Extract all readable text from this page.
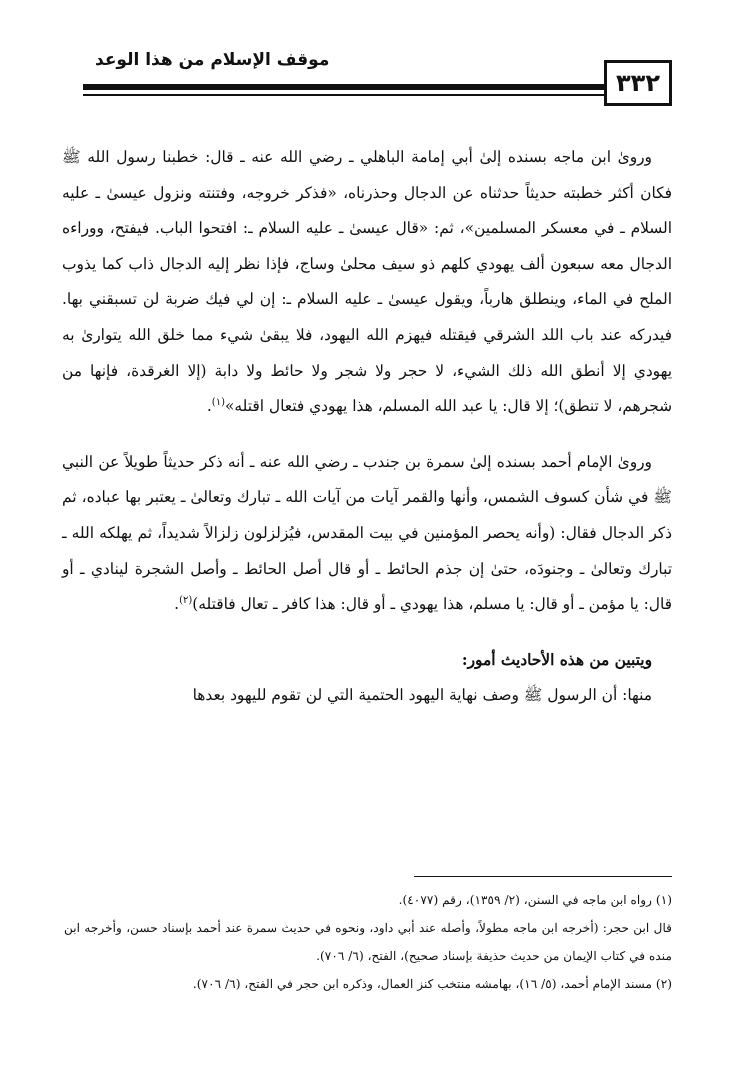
موقف الإسلام من هذا الوعد
٣٣٢

وروىٰ ابن ماجه بسنده إلىٰ أبي إمامة الباهلي ـ رضي الله عنه ـ قال: خطبنا رسول الله ﷺ فكان أكثر خطبته حديثاً حدثناه عن الدجال وحذرناه، «فذكر خروجه، وفتنته ونزول عيسىٰ ـ عليه السلام ـ في معسكر المسلمين»، ثم: «قال عيسىٰ ـ عليه السلام ـ: افتحوا الباب. فيفتح، ووراءه الدجال معه سبعون ألف يهودي كلهم ذو سيف محلىٰ وساج، فإذا نظر إليه الدجال ذاب كما يذوب الملح في الماء، وينطلق هارباً، ويقول عيسىٰ ـ عليه السلام ـ: إن لي فيك ضربة لن تسبقني بها. فيدركه عند باب اللد الشرقي فيقتله فيهزم الله اليهود، فلا يبقىٰ شيء مما خلق الله يتوارىٰ به يهودي إلا أنطق الله ذلك الشيء، لا حجر ولا شجر ولا حائط ولا دابة (إلا الغرقدة، فإنها من شجرهم، لا تنطق)؛ إلا قال: يا عبد الله المسلم، هذا يهودي فتعال اقتله»$^{(١)}$.

وروىٰ الإمام أحمد بسنده إلىٰ سمرة بن جندب ـ رضي الله عنه ـ أنه ذكر حديثاً طويلاً عن النبي ﷺ في شأن كسوف الشمس، وأنها والقمر آيات من آيات الله ـ تبارك وتعالىٰ ـ يعتبر بها عباده، ثم ذكر الدجال فقال: (وأنه يحصر المؤمنين في بيت المقدس، فيُزلزلون زلزالاً شديداً، ثم يهلكه الله ـ تبارك وتعالىٰ ـ وجنودَه، حتىٰ إن جذم الحائط ـ أو قال أصل الحائط ـ وأصل الشجرة لينادي ـ أو قال: يا مؤمن ـ أو قال: يا مسلم، هذا يهودي ـ أو قال: هذا كافر ـ تعال فاقتله)$^{(٢)}$.

ويتبين من هذه الأحاديث أمور:

منها: أن الرسول ﷺ وصف نهاية اليهود الحتمية التي لن تقوم لليهود بعدها

(١) رواه ابن ماجه في السنن، (٢/ ١٣٥٩)، رقم (٤٠٧٧).

قال ابن حجر: (أخرجه ابن ماجه مطولاً، وأصله عند أبي داود، ونحوه في حديث سمرة عند أحمد بإسناد حسن، وأخرجه ابن منده في كتاب الإيمان من حديث حذيفة بإسناد صحيح)، الفتح، (٦/ ٧٠٦).

(٢) مسند الإمام أحمد، (٥/ ١٦)، بهامشه منتخب كنز العمال، وذكره ابن حجر في الفتح، (٦/ ٧٠٦).
